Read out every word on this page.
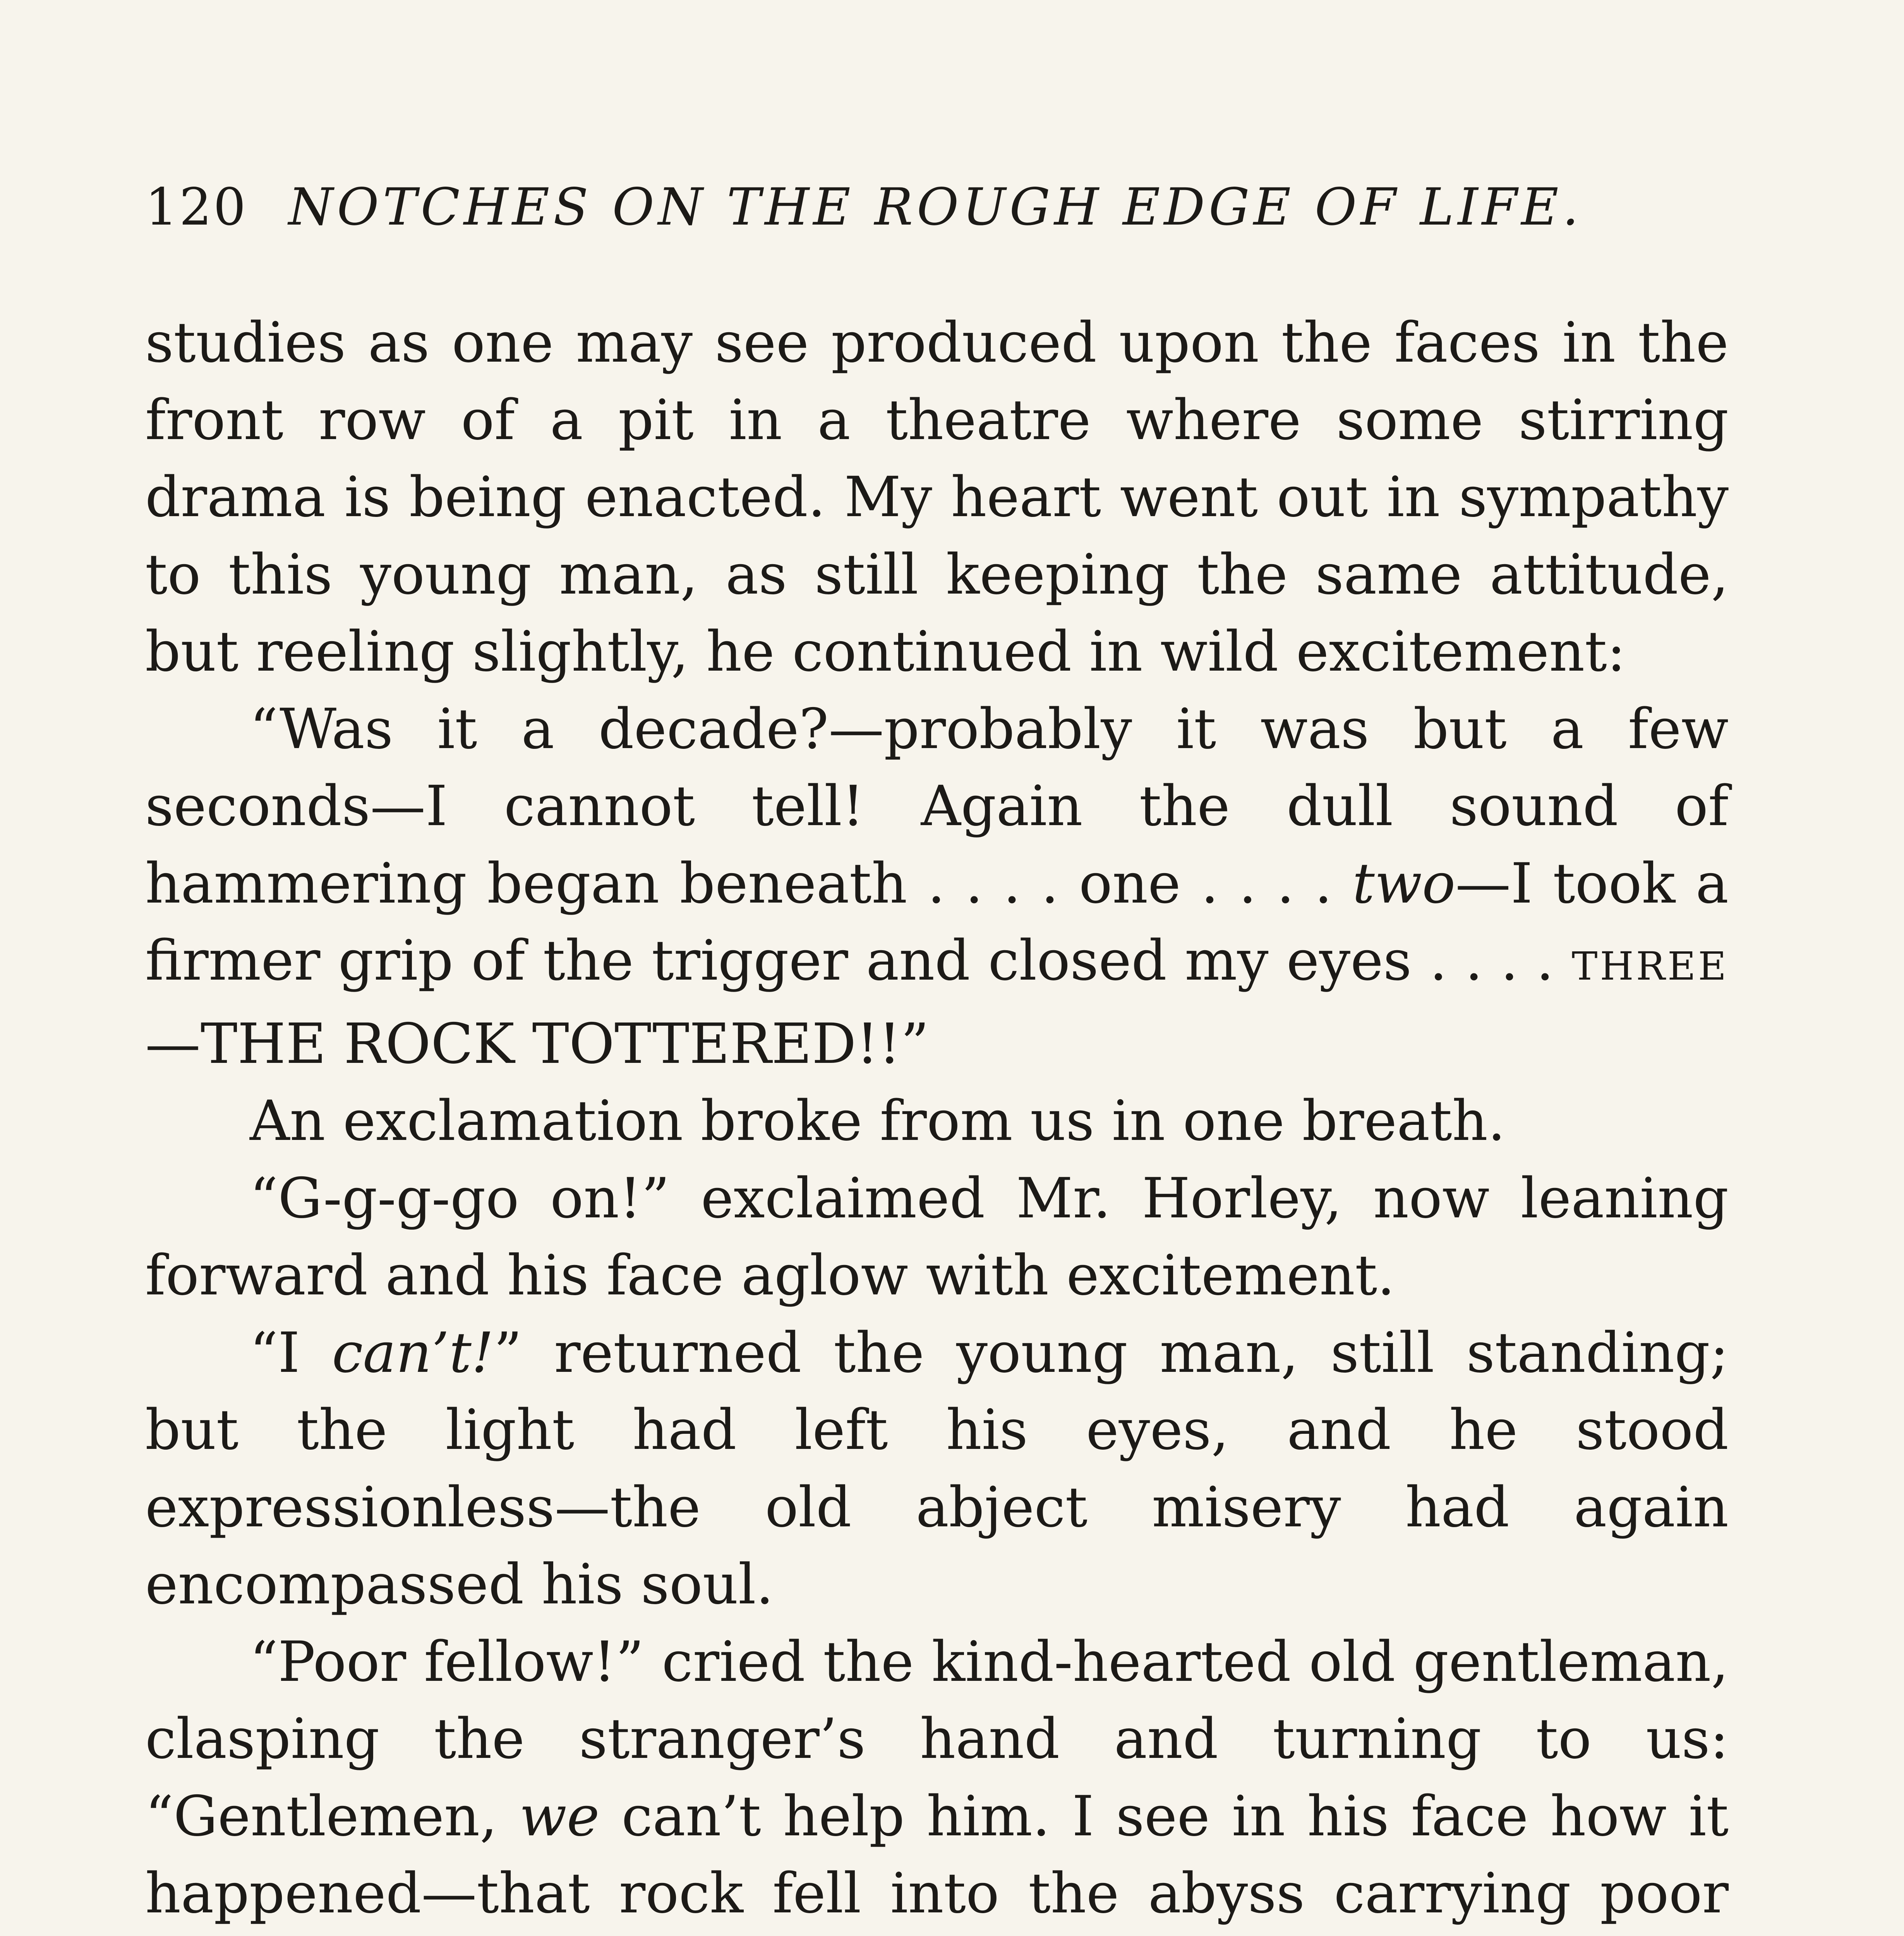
120 NOTCHES ON THE ROUGH EDGE OF LIFE.

studies as one may see produced upon the faces in the front row of a pit in a theatre where some stirring drama is being enacted. My heart went out in sympathy to this young man, as still keeping the same attitude, but reeling slightly, he continued in wild excitement:

“Was it a decade?—probably it was but a few seconds—I cannot tell! Again the dull sound of hammering began beneath . . . . one . . . . two—I took a firmer grip of the trigger and closed my eyes . . . . THREE—THE ROCK TOTTERED!!”

An exclamation broke from us in one breath.

“G-g-g-go on!” exclaimed Mr. Horley, now leaning forward and his face aglow with excitement.

“I can’t!” returned the young man, still standing; but the light had left his eyes, and he stood expressionless—the old abject misery had again encompassed his soul.

“Poor fellow!” cried the kind-hearted old gentleman, clasping the stranger’s hand and turning to us: “Gentlemen, we can’t help him. I see in his face how it happened—that rock fell into the abyss carrying poor
